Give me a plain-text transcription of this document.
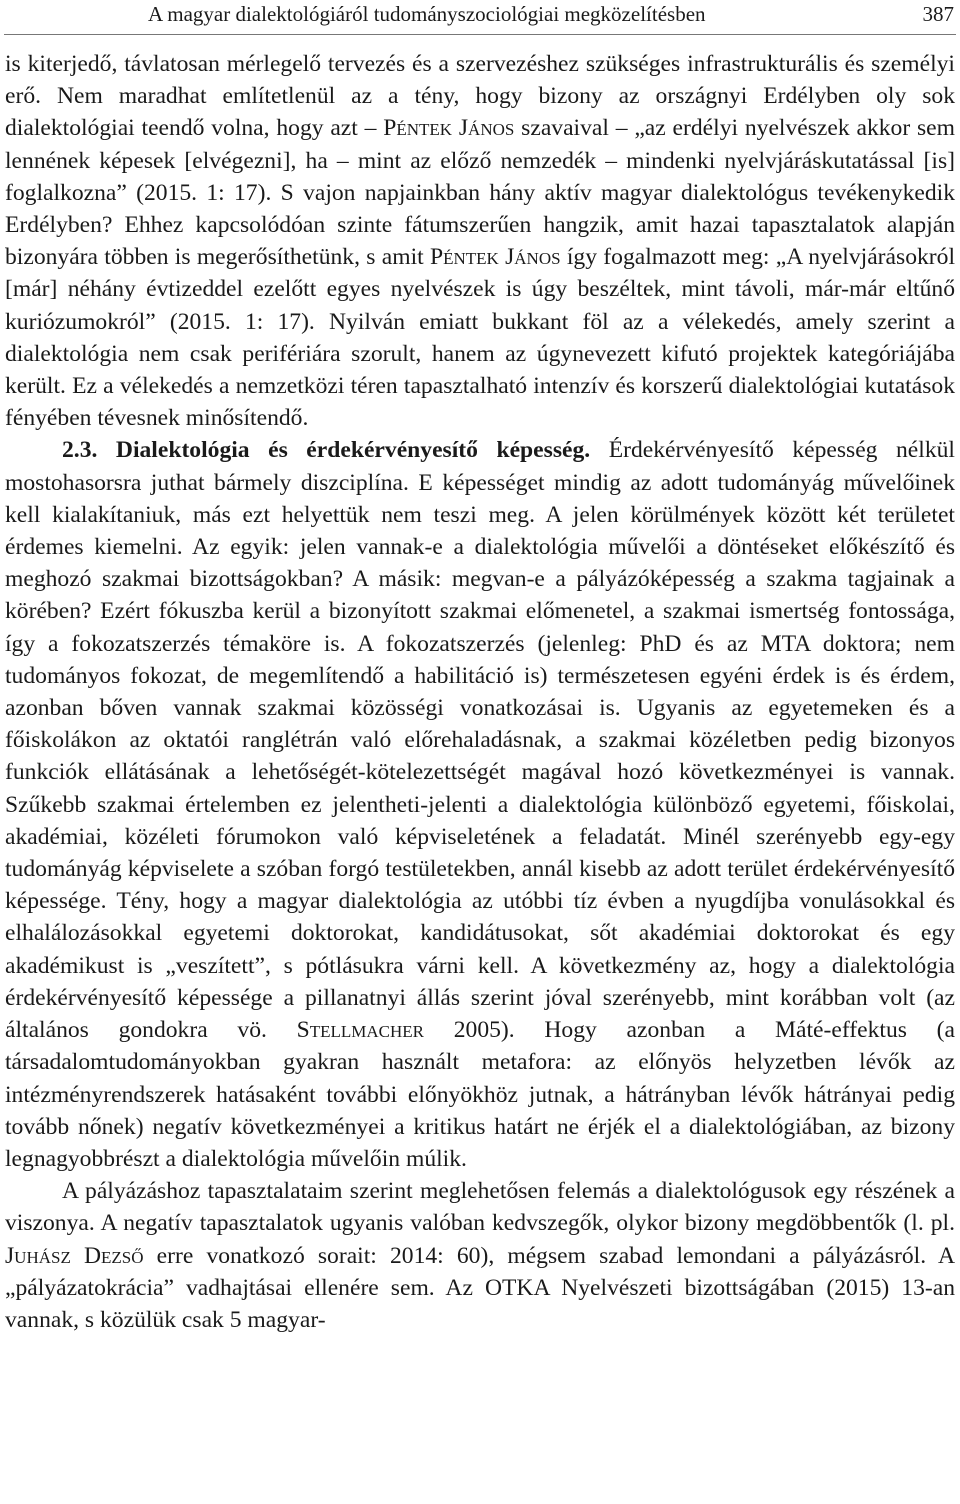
A magyar dialektológiáról tudományszociológiai megközelítésben	387

is kiterjedő, távlatosan mérlegelő tervezés és a szervezéshez szükséges infrastrukturális és személyi erő. Nem maradhat említetlenül az a tény, hogy bizony az országnyi Erdélyben oly sok dialektológiai teendő volna, hogy azt – Péntek János szavaival – „az erdélyi nyelvészek akkor sem lennének képesek [elvégezni], ha – mint az előző nemzedék – mindenki nyelvjáráskutatással [is] foglalkozna” (2015. 1: 17). S vajon napjainkban hány aktív magyar dialektológus tevékenykedik Erdélyben? Ehhez kapcsolódóan szinte fátumszerűen hangzik, amit hazai tapasztalatok alapján bizonyára többen is megerősíthetünk, s amit Péntek János így fogalmazott meg: „A nyelvjárásokról [már] néhány évtizeddel ezelőtt egyes nyelvészek is úgy beszéltek, mint távoli, már-már eltűnő kuriózumokról” (2015. 1: 17). Nyilván emiatt bukkant föl az a vélekedés, amely szerint a dialektológia nem csak perifériára szorult, hanem az úgynevezett kifutó projektek kategóriájába került. Ez a vélekedés a nemzetközi téren tapasztalható intenzív és korszerű dialektológiai kutatások fényében tévesnek minősítendő.

2.3. Dialektológia és érdekérvényesítő képesség. Érdekérvényesítő képesség nélkül mostohasorsra juthat bármely diszciplína. E képességet mindig az adott tudományág művelőinek kell kialakítaniuk, más ezt helyettük nem teszi meg. A jelen körülmények között két területet érdemes kiemelni. Az egyik: jelen vannak-e a dialektológia művelői a döntéseket előkészítő és meghozó szakmai bizottságokban? A másik: megvan-e a pályázóképesség a szakma tagjainak a körében? Ezért fókuszba kerül a bizonyított szakmai előmenetel, a szakmai ismertség fontossága, így a fokozatszerzés témaköre is. A fokozatszerzés (jelenleg: PhD és az MTA doktora; nem tudományos fokozat, de megemlítendő a habilitáció is) természetesen egyéni érdek is és érdem, azonban bőven vannak szakmai közösségi vonatkozásai is. Ugyanis az egyetemeken és a főiskolákon az oktatói ranglétrán való előrehaladásnak, a szakmai közéletben pedig bizonyos funkciók ellátásának a lehetőségét-kötelezettségét magával hozó következményei is vannak. Szűkebb szakmai értelemben ez jelentheti-jelenti a dialektológia különböző egyetemi, főiskolai, akadémiai, közéleti fórumokon való képviseletének a feladatát. Minél szerényebb egy-egy tudományág képviselete a szóban forgó testületekben, annál kisebb az adott terület érdekérvényesítő képessége. Tény, hogy a magyar dialektológia az utóbbi tíz évben a nyugdíjba vonulásokkal és elhalálozásokkal egyetemi doktorokat, kandidátusokat, sőt akadémiai doktorokat és egy akadémikust is „veszített”, s pótlásukra várni kell. A következmény az, hogy a dialektológia érdekérvényesítő képessége a pillanatnyi állás szerint jóval szerényebb, mint korábban volt (az általános gondokra vö. Stellmacher 2005). Hogy azonban a Máté-effektus (a társadalomtudományokban gyakran használt metafora: az előnyös helyzetben lévők az intézményrendszerek hatásaként további előnyökhöz jutnak, a hátrányban lévők hátrányai pedig tovább nőnek) negatív következményei a kritikus határt ne érjék el a dialektológiában, az bizony legnagyobbrészt a dialektológia művelőin múlik.

A pályázáshoz tapasztalataim szerint meglehetősen felemás a dialektológusok egy részének a viszonya. A negatív tapasztalatok ugyanis valóban kedvszegők, olykor bizony megdöbbentők (l. pl. Juhász Dezső erre vonatkozó sorait: 2014: 60), mégsem szabad lemondani a pályázásról. A „pályázatokrácia” vadhajtásai ellenére sem. Az OTKA Nyelvészeti bizottságában (2015) 13-an vannak, s közülük csak 5 magyar-
